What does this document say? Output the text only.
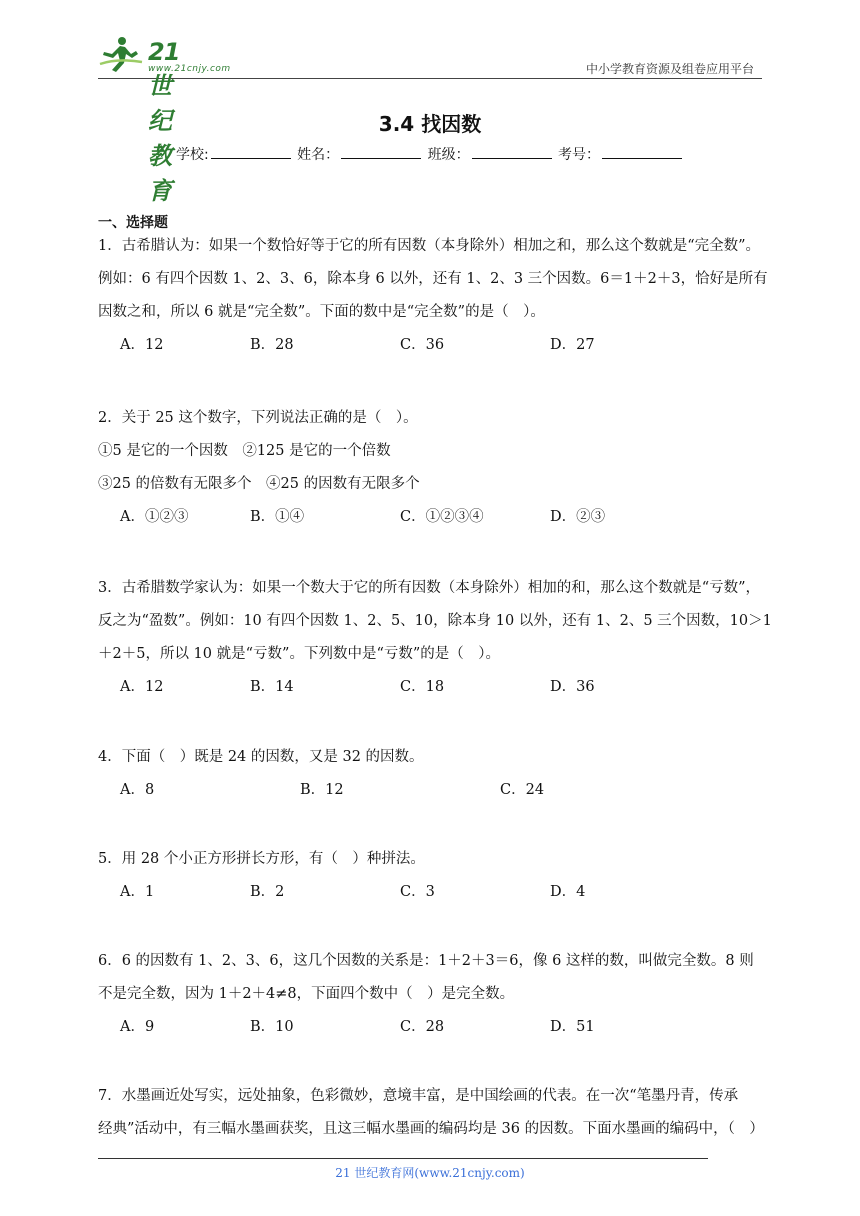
21世纪教育
www.21cnjy.com	中小学教育资源及组卷应用平台
3.4 找因数
学校:	姓名：	班级：	考号：
一、选择题

1．古希腊认为：如果一个数恰好等于它的所有因数（本身除外）相加之和，那么这个数就是“完全数”。

例如：6 有四个因数 1、2、3、6，除本身 6 以外，还有 1、2、3 三个因数。6＝1＋2＋3，恰好是所有

因数之和，所以 6 就是“完全数”。下面的数中是“完全数”的是（　）。

A．12	B．28	C．36	D．27

2．关于 25 这个数字，下列说法正确的是（　）。

①5 是它的一个因数　②125 是它的一个倍数

③25 的倍数有无限多个　④25 的因数有无限多个

A．①②③	B．①④	C．①②③④	D．②③

3．古希腊数学家认为：如果一个数大于它的所有因数（本身除外）相加的和，那么这个数就是“亏数”，

反之为“盈数”。例如：10 有四个因数 1、2、5、10，除本身 10 以外，还有 1、2、5 三个因数，10＞1

＋2＋5，所以 10 就是“亏数”。下列数中是“亏数”的是（　）。

A．12	B．14	C．18	D．36

4．下面（　）既是 24 的因数，又是 32 的因数。

A．8	B．12	C．24

5．用 28 个小正方形拼长方形，有（　）种拼法。

A．1	B．2	C．3	D．4

6．6 的因数有 1、2、3、6，这几个因数的关系是：1＋2＋3＝6，像 6 这样的数，叫做完全数。8 则

不是完全数，因为 1＋2＋4≠8，下面四个数中（　）是完全数。

A．9	B．10	C．28	D．51

7．水墨画近处写实，远处抽象，色彩微妙，意境丰富，是中国绘画的代表。在一次“笔墨丹青，传承

经典”活动中，有三幅水墨画获奖，且这三幅水墨画的编码均是 36 的因数。下面水墨画的编码中，（　）

21 世纪教育网(www.21cnjy.com)
